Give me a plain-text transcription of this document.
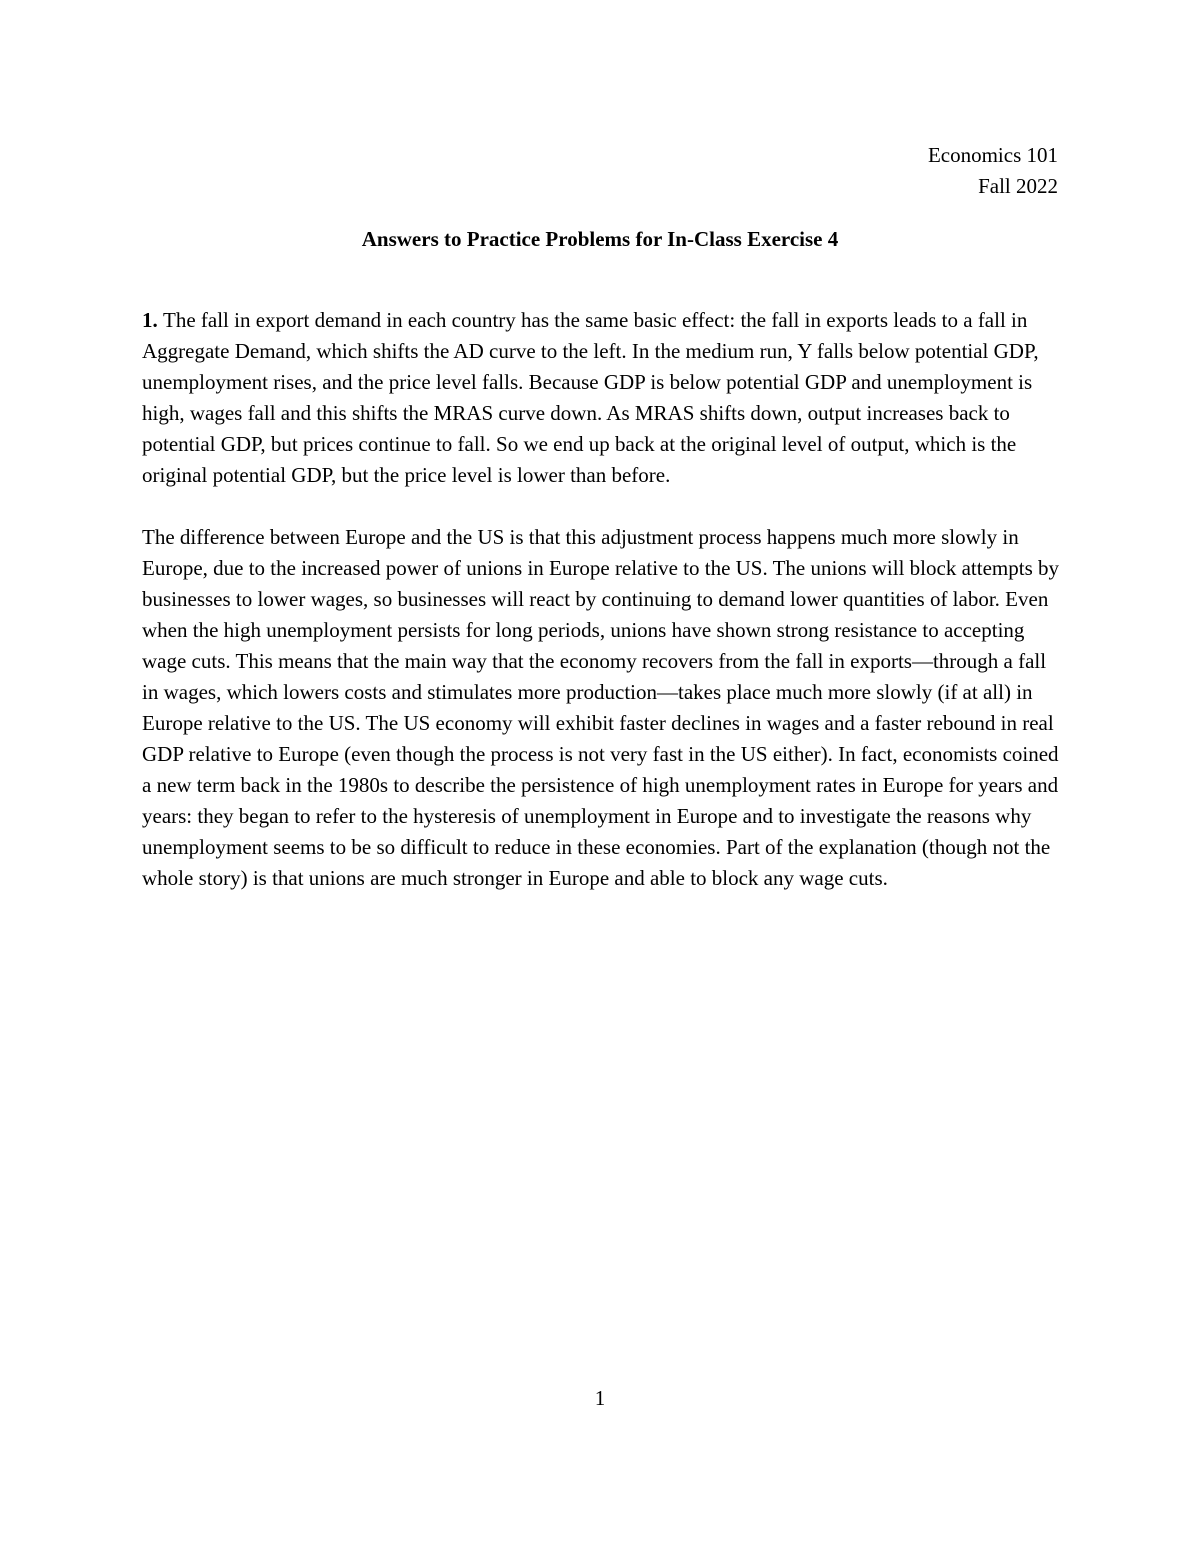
Economics 101
Fall 2022
Answers to Practice Problems for In-Class Exercise 4

1. The fall in export demand in each country has the same basic effect: the fall in exports leads to a fall in Aggregate Demand, which shifts the AD curve to the left. In the medium run, Y falls below potential GDP, unemployment rises, and the price level falls. Because GDP is below potential GDP and unemployment is high, wages fall and this shifts the MRAS curve down. As MRAS shifts down, output increases back to potential GDP, but prices continue to fall. So we end up back at the original level of output, which is the original potential GDP, but the price level is lower than before.

The difference between Europe and the US is that this adjustment process happens much more slowly in Europe, due to the increased power of unions in Europe relative to the US. The unions will block attempts by businesses to lower wages, so businesses will react by continuing to demand lower quantities of labor. Even when the high unemployment persists for long periods, unions have shown strong resistance to accepting wage cuts. This means that the main way that the economy recovers from the fall in exports—through a fall in wages, which lowers costs and stimulates more production—takes place much more slowly (if at all) in Europe relative to the US. The US economy will exhibit faster declines in wages and a faster rebound in real GDP relative to Europe (even though the process is not very fast in the US either). In fact, economists coined a new term back in the 1980s to describe the persistence of high unemployment rates in Europe for years and years: they began to refer to the hysteresis of unemployment in Europe and to investigate the reasons why unemployment seems to be so difficult to reduce in these economies. Part of the explanation (though not the whole story) is that unions are much stronger in Europe and able to block any wage cuts.

1
